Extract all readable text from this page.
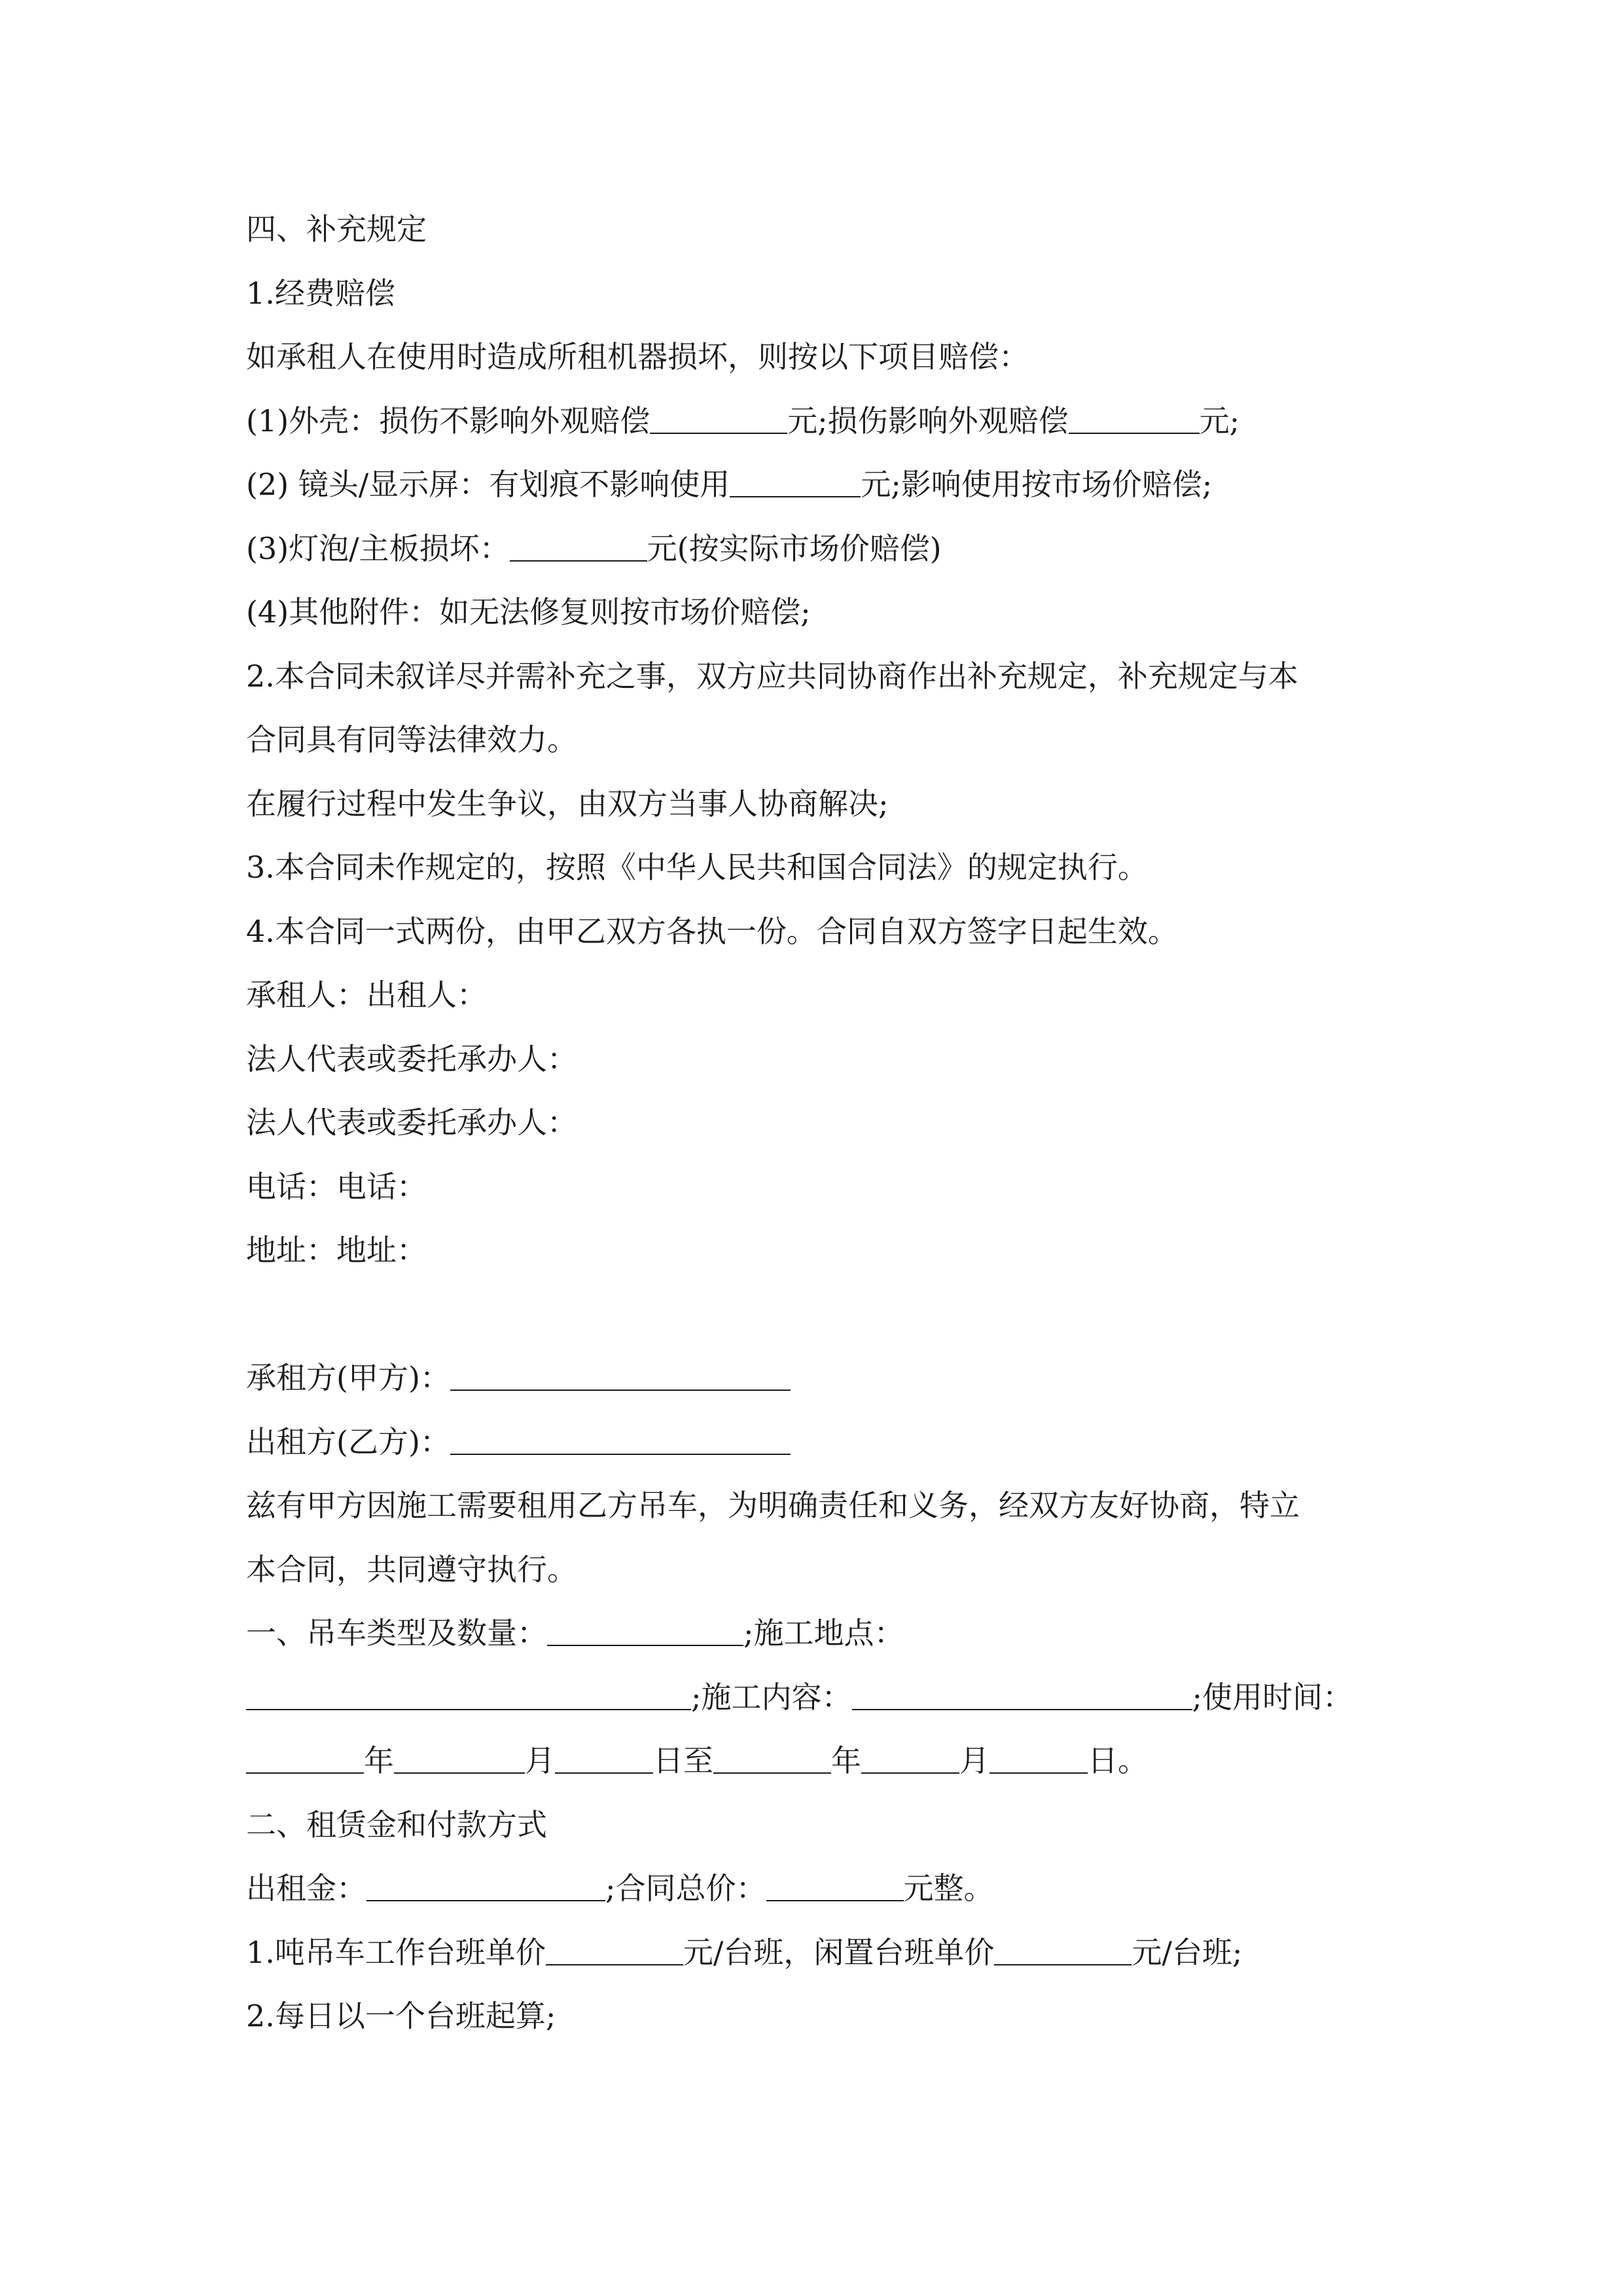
四、补充规定
1.经费赔偿
如承租人在使用时造成所租机器损坏，则按以下项目赔偿：
(1)外壳：损伤不影响外观赔偿	元;损伤影响外观赔偿	元;
(2) 镜头/显示屏：有划痕不影响使用	元;影响使用按市场价赔偿;
(3)灯泡/主板损坏：	元(按实际市场价赔偿)
(4)其他附件：如无法修复则按市场价赔偿;
2.本合同未叙详尽并需补充之事，双方应共同协商作出补充规定，补充规定与本
合同具有同等法律效力。
在履行过程中发生争议，由双方当事人协商解决;
3.本合同未作规定的，按照《中华人民共和国合同法》的规定执行。
4.本合同一式两份，由甲乙双方各执一份。合同自双方签字日起生效。
承租人：出租人：
法人代表或委托承办人：
法人代表或委托承办人：
电话：电话：
地址：地址：
承租方(甲方)：
出租方(乙方)：
兹有甲方因施工需要租用乙方吊车，为明确责任和义务，经双方友好协商，特立
本合同，共同遵守执行。
一、吊车类型及数量：	;施工地点：
;施工内容：	;使用时间：
年	月	日至	年	月	日。
二、租赁金和付款方式
出租金：	;合同总价：	元整。
1.吨吊车工作台班单价	元/台班，闲置台班单价	元/台班;
2.每日以一个台班起算;
